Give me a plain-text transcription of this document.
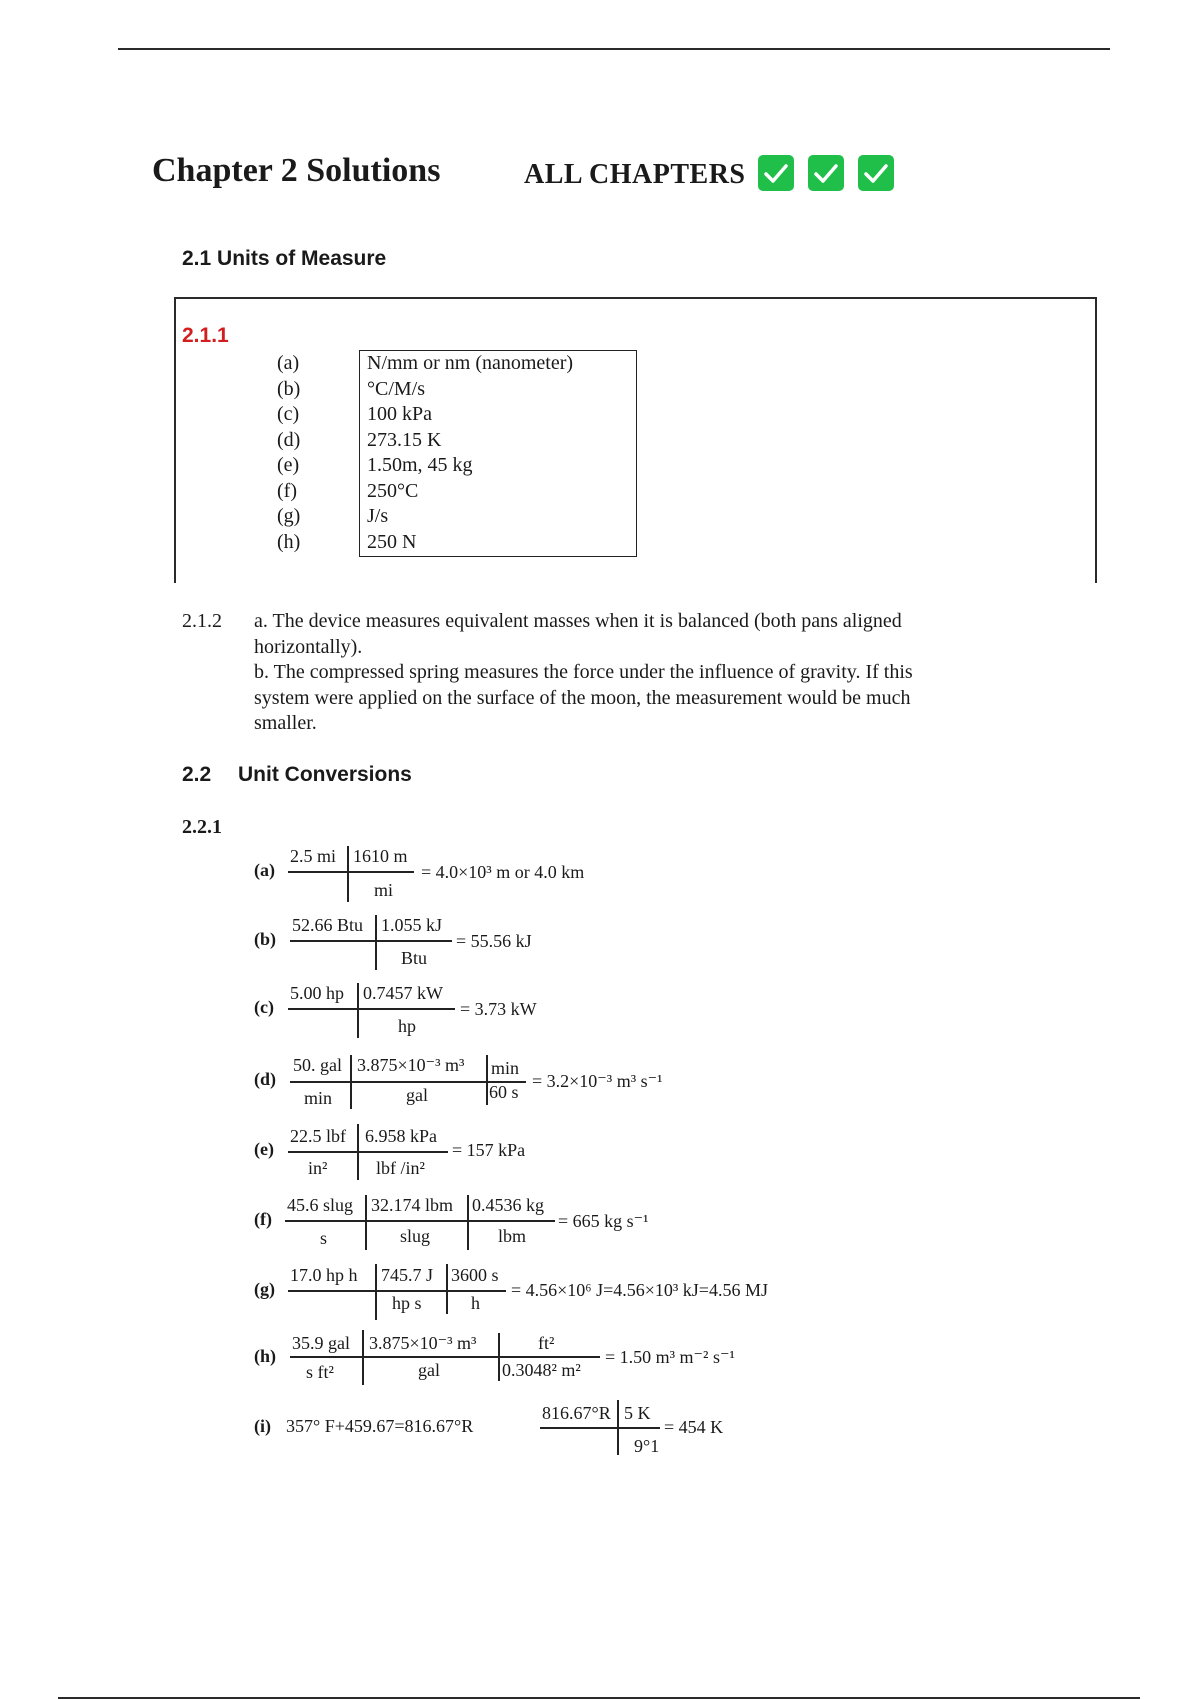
Chapter 2 Solutions	ALL CHAPTERS
2.1 Units of Measure
2.1.1
(a)
(b)
(c)
(d)
(e)
(f)
(g)
(h)
N/mm or nm (nanometer)
°C/M/s
100 kPa
273.15 K
1.50m, 45 kg
250°C
J/s
250 N
2.1.2 a. The device measures equivalent masses when it is balanced (both pans aligned
horizontally).
b. The compressed spring measures the force under the influence of gravity. If this
system were applied on the surface of the moon, the measurement would be much
smaller.
2.2 Unit Conversions
2.2.1
(a)
2.5 mi 1610 m
mi
= 4.0×10³ m or 4.0 km
(b)
52.66 Btu 1.055 kJ
Btu
= 55.56 kJ
(c)
5.00 hp 0.7457 kW
hp
= 3.73 kW
(d)
50. gal
min
3.875×10⁻³ m³
gal
min
60 s
= 3.2×10⁻³ m³ s⁻¹
(e)
22.5 lbf
in²
6.958 kPa
lbf /in²
= 157 kPa
(f)
45.6 slug
s
32.174 lbm
slug
0.4536 kg
lbm
= 665 kg s⁻¹
(g)
17.0 hp h 745.7 J
hp s
3600 s
h
= 4.56×10⁶ J=4.56×10³ kJ=4.56 MJ
(h)
35.9 gal
s ft²
3.875×10⁻³ m³
gal
ft²
0.3048² m²
= 1.50 m³ m⁻² s⁻¹
(i) 357° F+459.67=816.67°R
816.67°R 5 K
9°1
= 454 K
